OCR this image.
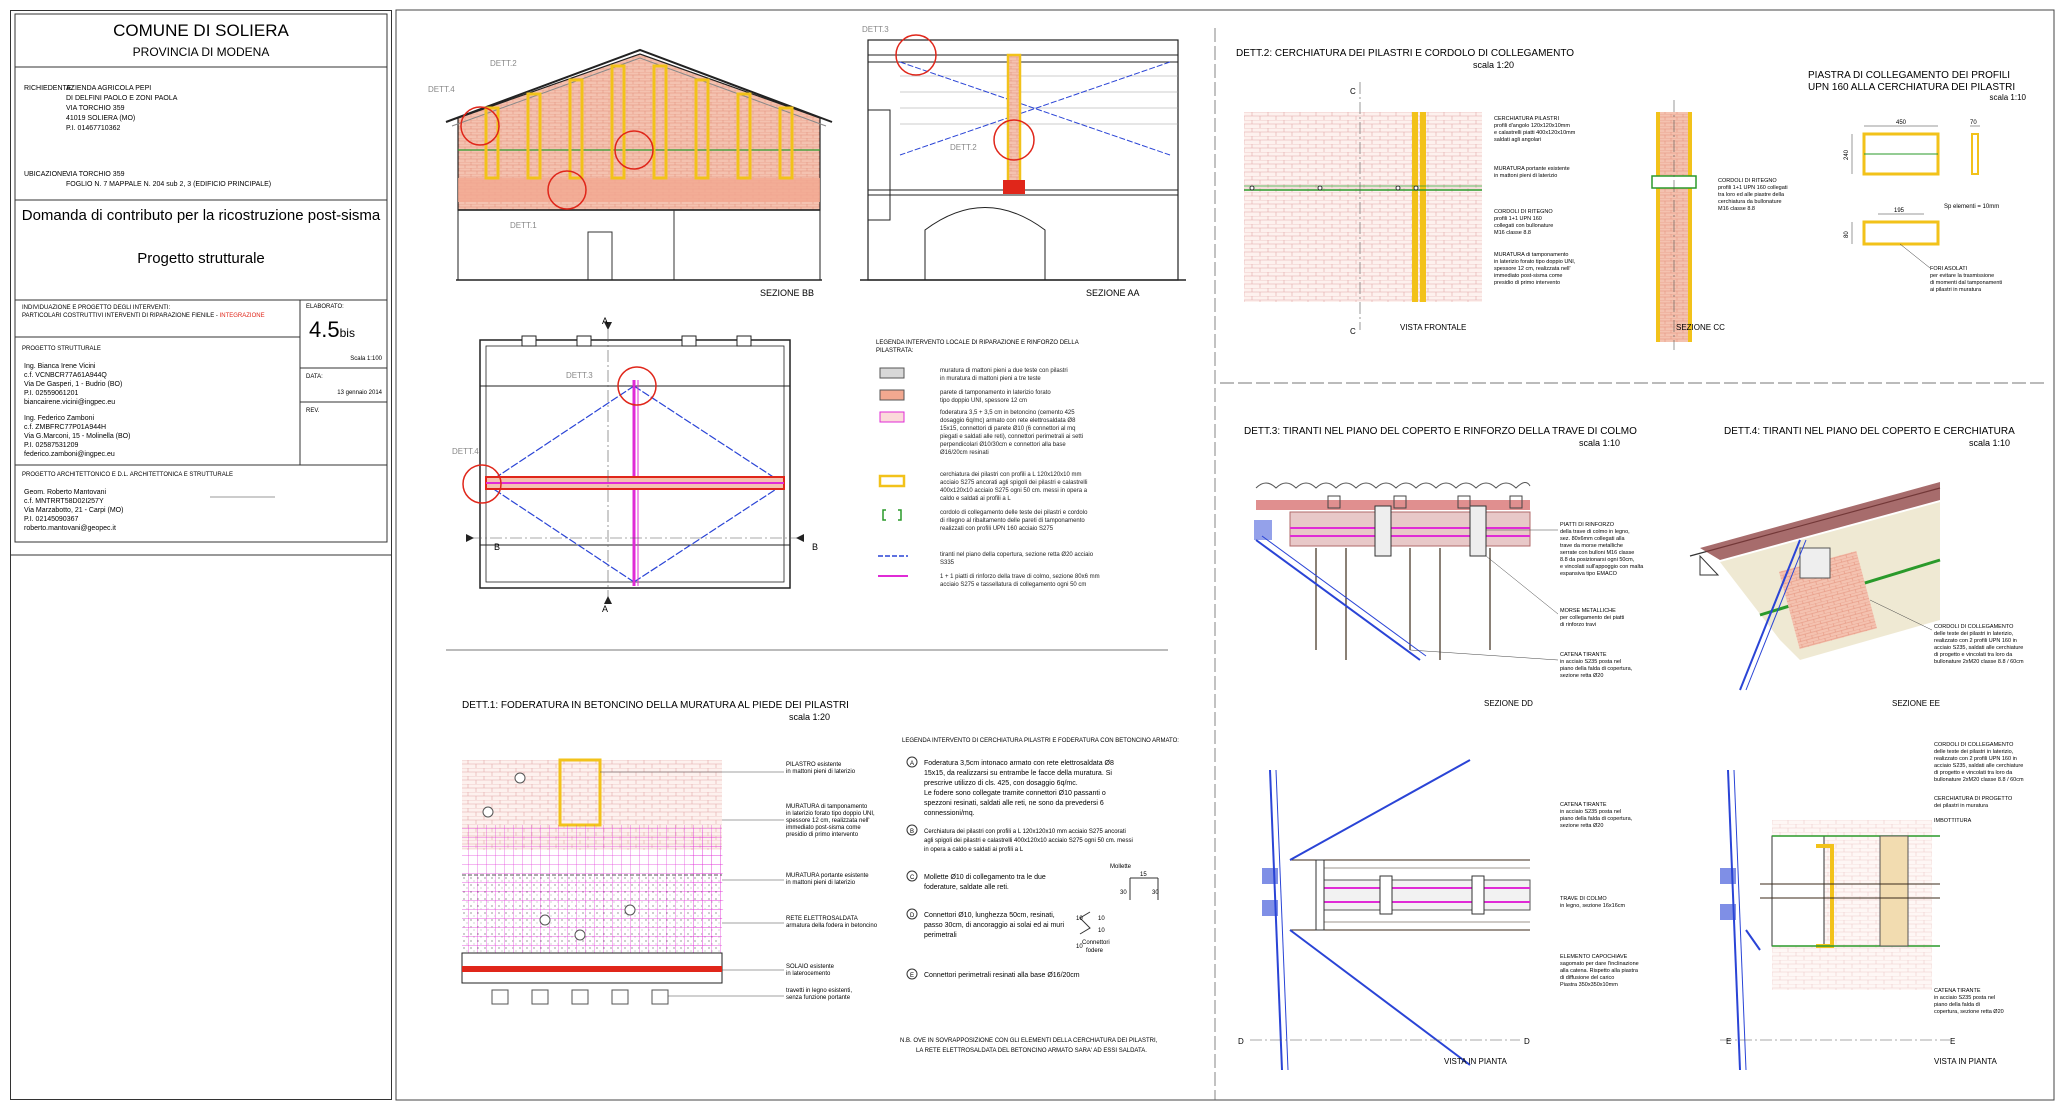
COMUNE DI SOLIERA
PROVINCIA DI MODENA
RICHIEDENTE:
AZIENDA AGRICOLA PEPI
DI DELFINI PAOLO E ZONI PAOLA
VIA TORCHIO 359
41019 SOLIERA (MO)
P.I. 01467710362
UBICAZIONE :
VIA TORCHIO 359
FOGLIO N. 7 MAPPALE N. 204 sub 2, 3 (EDIFICIO PRINCIPALE)
Domanda di contributo per la ricostruzione post-sisma
Progetto strutturale
INDIVIDUAZIONE E PROGETTO DEGLI INTERVENTI:
PARTICOLARI COSTRUTTIVI INTERVENTI DI RIPARAZIONE FIENILE - INTEGRAZIONE
ELABORATO:
4.5bis
Scala 1:100
DATA:
13 gennaio 2014
REV.
PROGETTO STRUTTURALE
Ing. Bianca Irene Vicini
c.f. VCNBCR77A61A944Q
Via De Gasperi, 1 - Budrio (BO)
P.I. 02559061201
biancairene.vicini@ingpec.eu
Ing. Federico Zamboni
c.f. ZMBFRC77P01A944H
Via G.Marconi, 15 - Molinella (BO)
P.I. 02587531209
federico.zamboni@ingpec.eu
PROGETTO ARCHITETTONICO E D.L. ARCHITETTONICA E STRUTTURALE
Geom. Roberto Mantovani
c.f. MNTRRT58D02I257Y
Via Marzabotto, 21 - Carpi (MO)
P.I. 02145090367
roberto.mantovani@geopec.it
DETT.4
DETT.2
DETT.1
SEZIONE BB
DETT.3
DETT.2
SEZIONE AA
A
A
B	B
DETT.3
DETT.4
LEGENDA INTERVENTO LOCALE DI RIPARAZIONE E RINFORZO DELLA
PILASTRATA:
muratura di mattoni pieni a due teste con pilastri
in muratura di mattoni pieni a tre teste
parete di tamponamento in laterizio forato
tipo doppio UNI, spessore 12 cm
foderatura 3,5 + 3,5 cm in betoncino (cemento 425
dosaggio 6q/mc) armato con rete elettrosaldata Ø8
15x15, connettori di parete Ø10 (6 connettori al mq
piegati e saldati alle reti), connettori perimetrali ai setti
perpendicolari Ø10/30cm e connettori alla base
Ø16/20cm resinati
cerchiatura dei pilastri con profili a L 120x120x10 mm
acciaio S275 ancorati agli spigoli dei pilastri e calastrelli
400x120x10 acciaio S275 ogni 50 cm. messi in opera a
caldo e saldati ai profili a L
cordolo di collegamento delle teste dei pilastri e cordolo
di ritegno al ribaltamento delle pareti di tamponamento
realizzati con profili UPN 160 acciaio S275
tiranti nel piano della copertura, sezione retta Ø20 acciaio
S335
1 + 1 piatti di rinforzo della trave di colmo, sezione 80x6 mm
acciaio S275 e tassellatura di collegamento ogni 50 cm
DETT.1: FODERATURA IN BETONCINO DELLA MURATURA AL PIEDE DEI PILASTRI
scala 1:20
PILASTRO esistente
in mattoni pieni di laterizio
MURATURA di tamponamento
in laterizio forato tipo doppio UNI,
spessore 12 cm, realizzata nell'
immediato post-sisma come
presidio di primo intervento
MURATURA portante esistente
in mattoni pieni di laterizio
RETE ELETTROSALDATA
armatura della fodera in betoncino
SOLAIO esistente
in laterocemento
travetti in legno esistenti,
senza funzione portante
LEGENDA INTERVENTO DI CERCHIATURA PILASTRI E FODERATURA CON BETONCINO ARMATO:
A Foderatura 3,5cm intonaco armato con rete elettrosaldata Ø8
15x15, da realizzarsi su entrambe le facce della muratura. Si
prescrive utilizzo di cls. 425, con dosaggio 6q/mc.
Le fodere sono collegate tramite connettori Ø10 passanti o
spezzoni resinati, saldati alle reti, ne sono da prevedersi 6
connessioni/mq.
B Cerchiatura dei pilastri con profili a L 120x120x10 mm acciaio S275 ancorati
agli spigoli dei pilastri e calastrelli 400x120x10 acciaio S275 ogni 50 cm. messi
in opera a caldo e saldati ai profili a L
C Mollette Ø10 di collegamento tra le due
foderature, saldate alle reti.
D Connettori Ø10, lunghezza 50cm, resinati,
passo 30cm, di ancoraggio ai solai ed ai muri
perimetrali
E Connettori perimetrali resinati alla base Ø16/20cm
Mollette
15
30	30
10	10
10
10
Connettori
fodere
N.B. OVE IN SOVRAPPOSIZIONE CON GLI ELEMENTI DELLA CERCHIATURA DEI PILASTRI,
LA RETE ELETTROSALDATA DEL BETONCINO ARMATO SARA' AD ESSI SALDATA.
DETT.2: CERCHIATURA DEI PILASTRI E CORDOLO DI COLLEGAMENTO
scala 1:20
C
C
CERCHIATURA PILASTRI
profili d'angolo 120x120x10mm
e calastrelli piatti 400x120x10mm
saldati agli angolari
MURATURA portante esistente
in mattoni pieni di laterizio
CORDOLI DI RITEGNO
profili 1+1 UPN 160
collegati con bullonature
M16 classe 8.8
MURATURA di tamponamento
in laterizio forato tipo doppio UNI,
spessore 12 cm, realizzata nell'
immediato post-sisma come
presidio di primo intervento
VISTA FRONTALE
CORDOLI DI RITEGNO
profili 1+1 UPN 160 collegati
tra loro ed alle piastre della
cerchiatura da bullonature
M16 classe 8.8
SEZIONE CC
PIASTRA DI COLLEGAMENTO DEI PROFILI
UPN 160 ALLA CERCHIATURA DEI PILASTRI
scala 1:10
450	70
240
195
80
Sp elementi = 10mm
FORI ASOLATI
per evitare la trasmissione
di momenti dal tamponamenti
ai pilastri in muratura
DETT.3: TIRANTI NEL PIANO DEL COPERTO E RINFORZO DELLA TRAVE DI COLMO
scala 1:10
PIATTI DI RINFORZO
della trave di colmo in legno,
sez. 80x6mm collegati alla
trave da morse metalliche
serrate con bulloni M16 classe
8.8 da posizionarsi ogni 50cm,
e vincolati sull'appoggio con malta
espansiva tipo EMACO
MORSE METALLICHE
per collegamento dei piatti
di rinforzo travi
CATENA TIRANTE
in acciaio S235 posta nel
piano della falda di copertura,
sezione retta Ø20
SEZIONE DD
D	D
CATENA TIRANTE
in acciaio S235 posta nel
piano della falda di copertura,
sezione retta Ø20
TRAVE DI COLMO
in legno, sezione 16x16cm
ELEMENTO CAPOCHIAVE
sagomato per dare l'inclinazione
alla catena. Rispetto alla piastra
di diffusione del carico
Piastra 350x350x10mm
VISTA IN PIANTA
DETT.4: TIRANTI NEL PIANO DEL COPERTO E CERCHIATURA
scala 1:10
CORDOLI DI COLLEGAMENTO
delle teste dei pilastri in laterizio,
realizzato con 2 profili UPN 160 in
acciaio S235, saldati alle cerchiature
di progetto e vincolati tra loro da
bullonature 2xM20 classe 8.8 / 60cm
SEZIONE EE
E	E
CORDOLI DI COLLEGAMENTO
delle teste dei pilastri in laterizio,
realizzato con 2 profili UPN 160 in
acciaio S235, saldati alle cerchiature
di progetto e vincolati tra loro da
bullonature 2xM20 classe 8.8 / 60cm
CERCHIATURA DI PROGETTO
dei pilastri in muratura
IMBOTTITURA
CATENA TIRANTE
in acciaio S235 posta nel
piano della falda di
copertura, sezione retta Ø20
VISTA IN PIANTA
